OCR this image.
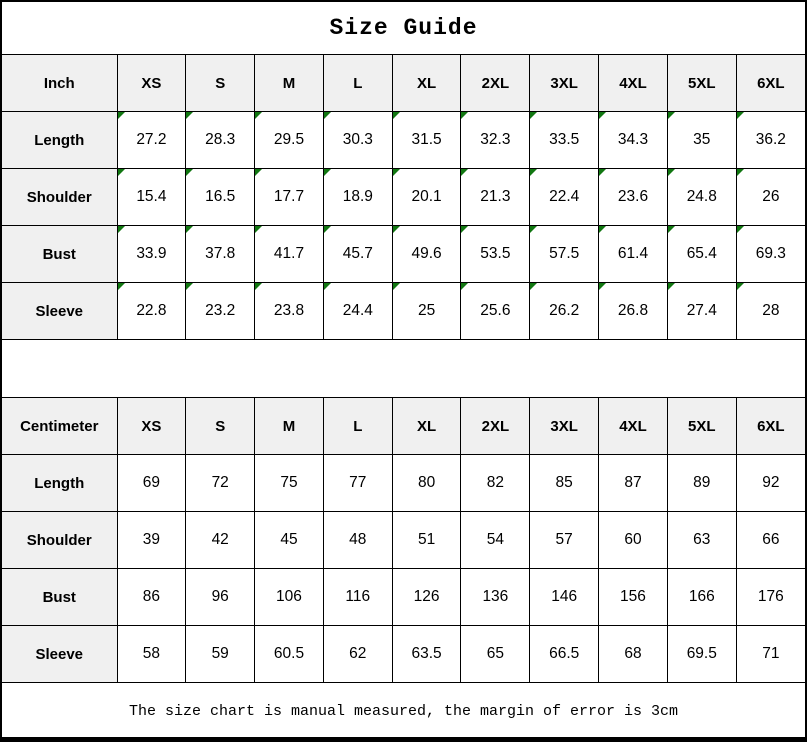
Size Guide
Inch	XS	S	M	L	XL	2XL	3XL	4XL	5XL	6XL
Length	27.2	28.3	29.5	30.3	31.5	32.3	33.5	34.3	35	36.2
Shoulder	15.4	16.5	17.7	18.9	20.1	21.3	22.4	23.6	24.8	26
Bust	33.9	37.8	41.7	45.7	49.6	53.5	57.5	61.4	65.4	69.3
Sleeve	22.8	23.2	23.8	24.4	25	25.6	26.2	26.8	27.4	28
Centimeter	XS	S	M	L	XL	2XL	3XL	4XL	5XL	6XL
Length	69	72	75	77	80	82	85	87	89	92
Shoulder	39	42	45	48	51	54	57	60	63	66
Bust	86	96	106	116	126	136	146	156	166	176
Sleeve	58	59	60.5	62	63.5	65	66.5	68	69.5	71
The size chart is manual measured, the margin of error is 3cm
